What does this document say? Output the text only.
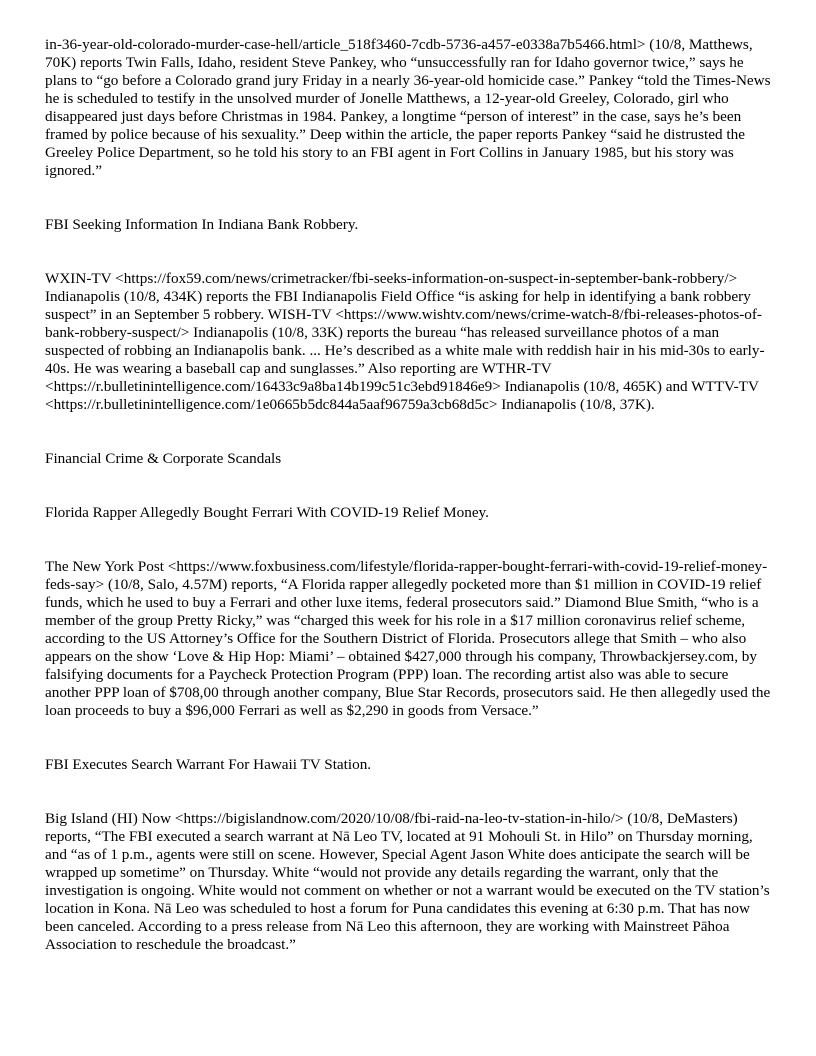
in-36-year-old-colorado-murder-case-hell/article_518f3460-7cdb-5736-a457-e0338a7b5466.html> (10/8, Matthews, 70K) reports Twin Falls, Idaho, resident Steve Pankey, who “unsuccessfully ran for Idaho governor twice,” says he plans to “go before a Colorado grand jury Friday in a nearly 36-year-old homicide case.” Pankey “told the Times-News he is scheduled to testify in the unsolved murder of Jonelle Matthews, a 12-year-old Greeley, Colorado, girl who disappeared just days before Christmas in 1984. Pankey, a longtime “person of interest” in the case, says he’s been framed by police because of his sexuality.” Deep within the article, the paper reports Pankey “said he distrusted the Greeley Police Department, so he told his story to an FBI agent in Fort Collins in January 1985, but his story was ignored.”

FBI Seeking Information In Indiana Bank Robbery.

WXIN-TV <https://fox59.com/news/crimetracker/fbi-seeks-information-on-suspect-in-september-bank-robbery/> Indianapolis (10/8, 434K) reports the FBI Indianapolis Field Office “is asking for help in identifying a bank robbery suspect” in an September 5 robbery. WISH-TV <https://www.wishtv.com/news/crime-watch-8/fbi-releases-photos-of-bank-robbery-suspect/> Indianapolis (10/8, 33K) reports the bureau “has released surveillance photos of a man suspected of robbing an Indianapolis bank. ... He’s described as a white male with reddish hair in his mid-30s to early-40s. He was wearing a baseball cap and sunglasses.” Also reporting are WTHR-TV <https://r.bulletinintelligence.com/16433c9a8ba14b199c51c3ebd91846e9> Indianapolis (10/8, 465K) and WTTV-TV <https://r.bulletinintelligence.com/1e0665b5dc844a5aaf96759a3cb68d5c> Indianapolis (10/8, 37K).

Financial Crime & Corporate Scandals

Florida Rapper Allegedly Bought Ferrari With COVID-19 Relief Money.

The New York Post <https://www.foxbusiness.com/lifestyle/florida-rapper-bought-ferrari-with-covid-19-relief-money-feds-say> (10/8, Salo, 4.57M) reports, “A Florida rapper allegedly pocketed more than $1 million in COVID-19 relief funds, which he used to buy a Ferrari and other luxe items, federal prosecutors said.” Diamond Blue Smith, “who is a member of the group Pretty Ricky,” was “charged this week for his role in a $17 million coronavirus relief scheme, according to the US Attorney’s Office for the Southern District of Florida. Prosecutors allege that Smith – who also appears on the show ‘Love & Hip Hop: Miami’ – obtained $427,000 through his company, Throwbackjersey.com, by falsifying documents for a Paycheck Protection Program (PPP) loan. The recording artist also was able to secure another PPP loan of $708,00 through another company, Blue Star Records, prosecutors said. He then allegedly used the loan proceeds to buy a $96,000 Ferrari as well as $2,290 in goods from Versace.”

FBI Executes Search Warrant For Hawaii TV Station.

Big Island (HI) Now <https://bigislandnow.com/2020/10/08/fbi-raid-na-leo-tv-station-in-hilo/> (10/8, DeMasters) reports, “The FBI executed a search warrant at Nā Leo TV, located at 91 Mohouli St. in Hilo” on Thursday morning, and “as of 1 p.m., agents were still on scene. However, Special Agent Jason White does anticipate the search will be wrapped up sometime” on Thursday. White “would not provide any details regarding the warrant, only that the investigation is ongoing. White would not comment on whether or not a warrant would be executed on the TV station’s location in Kona. Nā Leo was scheduled to host a forum for Puna candidates this evening at 6:30 p.m. That has now been canceled. According to a press release from Nā Leo this afternoon, they are working with Mainstreet Pāhoa Association to reschedule the broadcast.”
